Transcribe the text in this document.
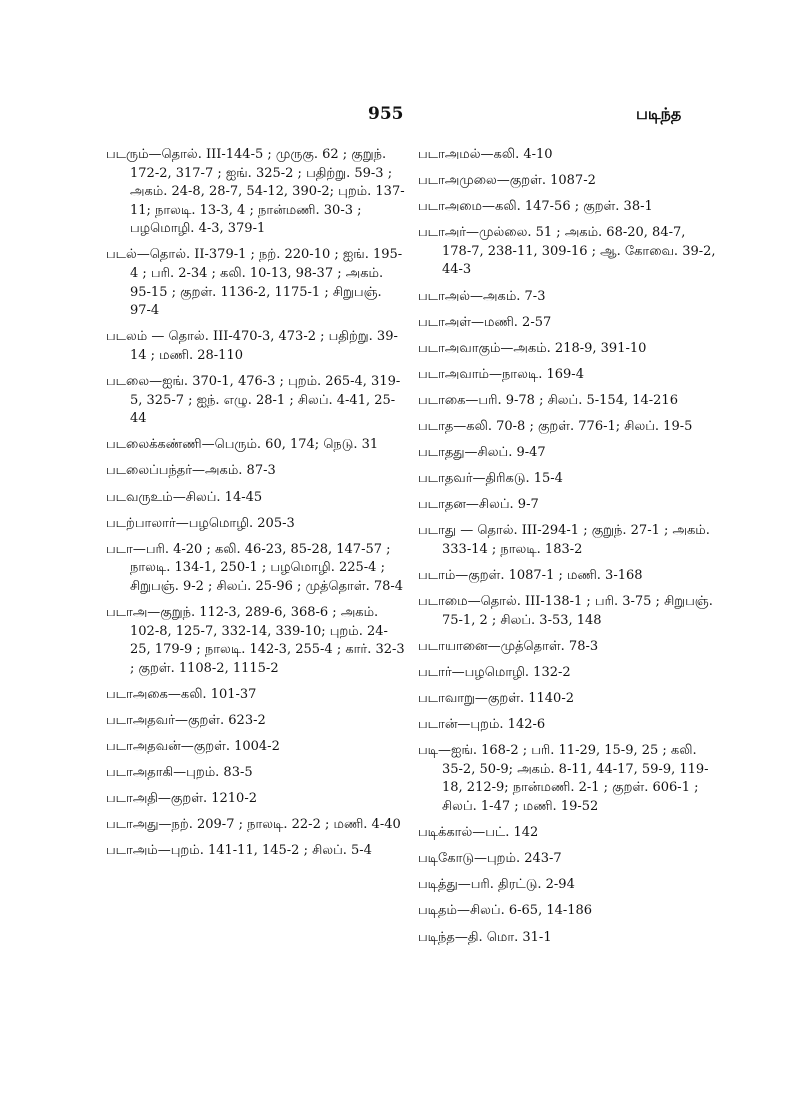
955	படிந்த

படரும்—தொல். III-144-5 ; முருகு. 62 ; குறுந். 172-2, 317-7 ; ஐங். 325-2 ; பதிற்று. 59-3 ; அகம். 24-8, 28-7, 54-12, 390-2; புறம். 137-11; நாலடி. 13-3, 4 ; நான்மணி. 30-3 ; பழமொழி. 4-3, 379-1

படல்—தொல். II-379-1 ; நற். 220-10 ; ஐங். 195-4 ; பரி. 2-34 ; கலி. 10-13, 98-37 ; அகம். 95-15 ; குறள். 1136-2, 1175-1 ; சிறுபஞ். 97-4

படலம் — தொல். III-470-3, 473-2 ; பதிற்று. 39-14 ; மணி. 28-110

படலை—ஐங். 370-1, 476-3 ; புறம். 265-4, 319-5, 325-7 ; ஐந். எழு. 28-1 ; சிலப். 4-41, 25-44

படலைக்கண்ணி—பெரும். 60, 174; நெடு. 31

படலைப்பந்தர்—அகம். 87-3

படவருஉம்—சிலப். 14-45

படற்பாலார்—பழமொழி. 205-3

படா—பரி. 4-20 ; கலி. 46-23, 85-28, 147-57 ; நாலடி. 134-1, 250-1 ; பழமொழி. 225-4 ; சிறுபஞ். 9-2 ; சிலப். 25-96 ; முத்தொள். 78-4

படாஅ—குறுந். 112-3, 289-6, 368-6 ; அகம். 102-8, 125-7, 332-14, 339-10; புறம். 24-25, 179-9 ; நாலடி. 142-3, 255-4 ; கார். 32-3 ; குறள். 1108-2, 1115-2

படாஅகை—கலி. 101-37

படாஅதவர்—குறள். 623-2

படாஅதவன்—குறள். 1004-2

படாஅதாகி—புறம். 83-5

படாஅதி—குறள். 1210-2

படாஅது—நற். 209-7 ; நாலடி. 22-2 ; மணி. 4-40

படாஅம்—புறம். 141-11, 145-2 ; சிலப். 5-4

படாஅமல்—கலி. 4-10

படாஅமுலை—குறள். 1087-2

படாஅமை—கலி. 147-56 ; குறள். 38-1

படாஅர்—முல்லை. 51 ; அகம். 68-20, 84-7, 178-7, 238-11, 309-16 ; ஆ. கோவை. 39-2, 44-3

படாஅல்—அகம். 7-3

படாஅள்—மணி. 2-57

படாஅவாகும்—அகம். 218-9, 391-10

படாஅவாம்—நாலடி. 169-4

படாகை—பரி. 9-78 ; சிலப். 5-154, 14-216

படாத—கலி. 70-8 ; குறள். 776-1; சிலப். 19-5

படாதது—சிலப். 9-47

படாதவர்—திரிகடு. 15-4

படாதன—சிலப். 9-7

படாது — தொல். III-294-1 ; குறுந். 27-1 ; அகம். 333-14 ; நாலடி. 183-2

படாம்—குறள். 1087-1 ; மணி. 3-168

படாமை—தொல். III-138-1 ; பரி. 3-75 ; சிறுபஞ். 75-1, 2 ; சிலப். 3-53, 148

படாயானை—முத்தொள். 78-3

படார்—பழமொழி. 132-2

படாவாறு—குறள். 1140-2

படான்—புறம். 142-6

படி—ஐங். 168-2 ; பரி. 11-29, 15-9, 25 ; கலி. 35-2, 50-9; அகம். 8-11, 44-17, 59-9, 119-18, 212-9; நான்மணி. 2-1 ; குறள். 606-1 ; சிலப். 1-47 ; மணி. 19-52

படிக்கால்—பட். 142

படிகோடு—புறம். 243-7

படித்து—பரி. திரட்டு. 2-94

படிதம்—சிலப். 6-65, 14-186

படிந்த—தி. மொ. 31-1
